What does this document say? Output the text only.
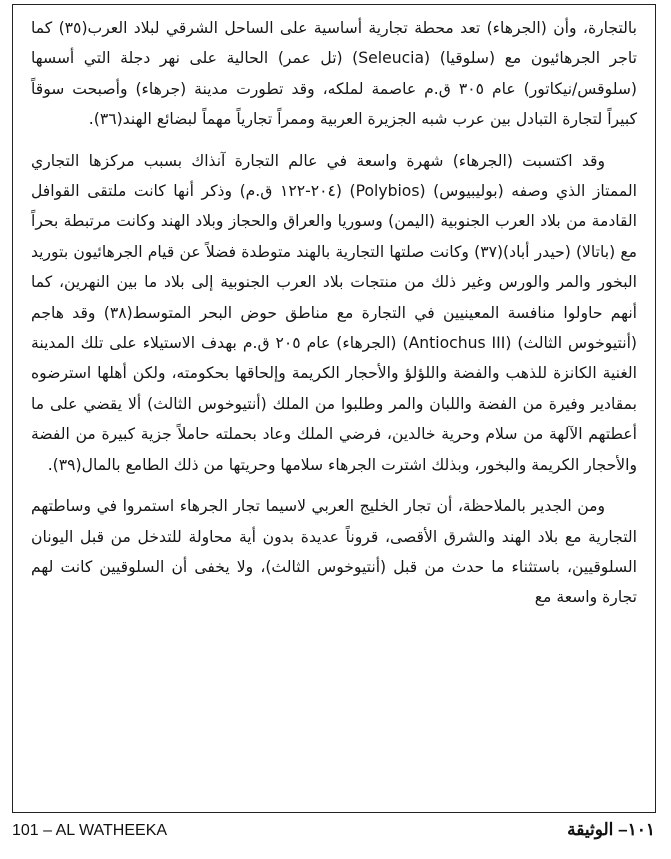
بالتجارة، وأن (الجرهاء) تعد محطة تجارية أساسية على الساحل الشرقي لبلاد العرب(٣٥) كما تاجر الجرهائيون مع (سلوقيا) (Seleucia) (تل عمر) الحالية على نهر دجلة التي أسسها (سلوقس/نيكاتور) عام ٣٠٥ ق.م عاصمة لملكه، وقد تطورت مدينة (جرهاء) وأصبحت سوقاً كبيراً لتجارة التبادل بين عرب شبه الجزيرة العربية وممراً تجارياً مهماً لبضائع الهند(٣٦).

وقد اكتسبت (الجرهاء) شهرة واسعة في عالم التجارة آنذاك بسبب مركزها التجاري الممتاز الذي وصفه (بوليبيوس) (Polybios) (٢٠٤-١٢٢ ق.م) وذكر أنها كانت ملتقى القوافل القادمة من بلاد العرب الجنوبية (اليمن) وسوريا والعراق والحجاز وبلاد الهند وكانت مرتبطة بحراً مع (باتالا) (حيدر أباد)(٣٧) وكانت صلتها التجارية بالهند متوطدة فضلاً عن قيام الجرهائيون بتوريد البخور والمر والورس وغير ذلك من منتجات بلاد العرب الجنوبية إلى بلاد ما بين النهرين، كما أنهم حاولوا منافسة المعينيين في التجارة مع مناطق حوض البحر المتوسط(٣٨) وقد هاجم (أنتيوخوس الثالث) (Antiochus III) (الجرهاء) عام ٢٠٥ ق.م بهدف الاستيلاء على تلك المدينة الغنية الكانزة للذهب والفضة واللؤلؤ والأحجار الكريمة وإلحاقها بحكومته، ولكن أهلها استرضوه بمقادير وفيرة من الفضة واللبان والمر وطلبوا من الملك (أنتيوخوس الثالث) ألا يقضي على ما أعطتهم الآلهة من سلام وحرية خالدين، فرضي الملك وعاد بحملته حاملاً جزية كبيرة من الفضة والأحجار الكريمة والبخور، وبذلك اشترت الجرهاء سلامها وحريتها من ذلك الطامع بالمال(٣٩).

ومن الجدير بالملاحظة، أن تجار الخليج العربي لاسيما تجار الجرهاء استمروا في وساطتهم التجارية مع بلاد الهند والشرق الأقصى، قروناً عديدة بدون أية محاولة للتدخل من قبل اليونان السلوقيين، باستثناء ما حدث من قبل (أنتيوخوس الثالث)، ولا يخفى أن السلوقيين كانت لهم تجارة واسعة مع

101 – AL WATHEEKA	١٠١– الوثيقة
